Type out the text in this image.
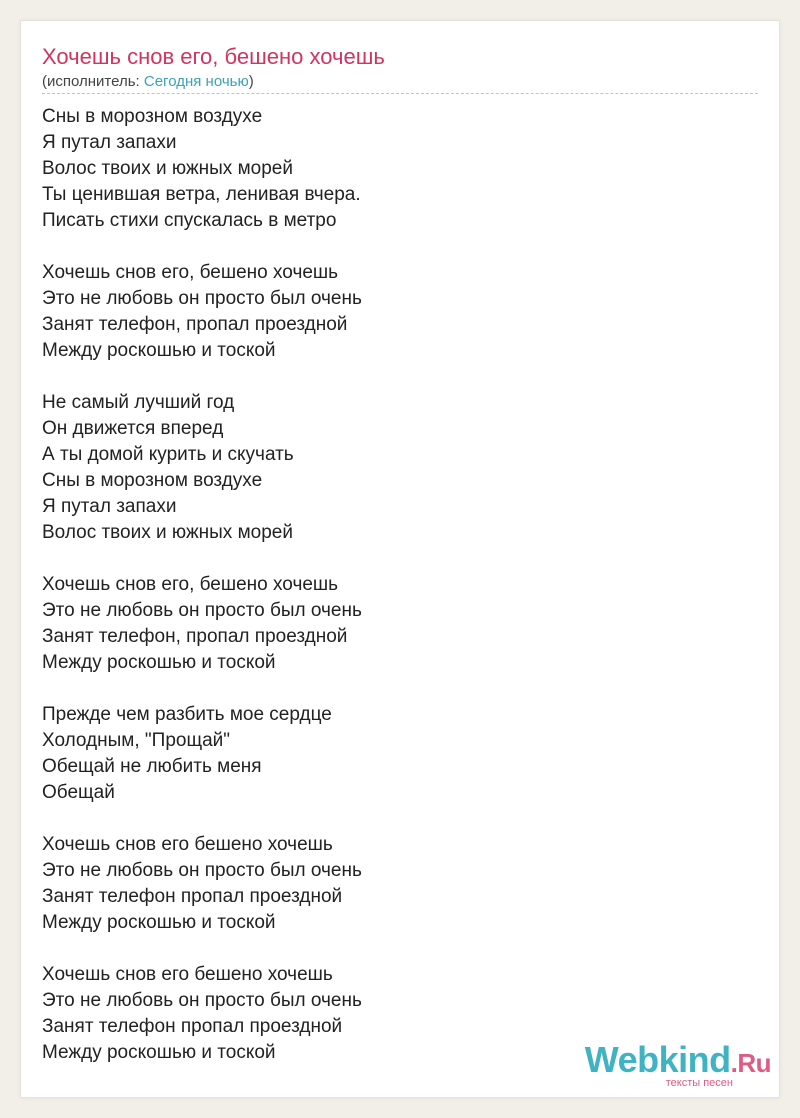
Хочешь снов его, бешено хочешь
(исполнитель: Сегодня ночью)
Сны в морозном воздухе
Я путал запахи
Волос твоих и южных морей
Ты ценившая ветра, ленивая вчера.
Писать стихи спускалась в метро
Хочешь снов его, бешено хочешь
Это не любовь он просто был очень
Занят телефон, пропал проездной
Между роскошью и тоской
Не самый лучший год
Он движется вперед
А ты домой курить и скучать
Сны в морозном воздухе
Я путал запахи
Волос твоих и южных морей
Хочешь снов его, бешено хочешь
Это не любовь он просто был очень
Занят телефон, пропал проездной
Между роскошью и тоской
Прежде чем разбить мое сердце
Холодным, "Прощай"
Обещай не любить меня
Обещай
Хочешь снов его бешено хочешь
Это не любовь он просто был очень
Занят телефон пропал проездной
Между роскошью и тоской
Хочешь снов его бешено хочешь
Это не любовь он просто был очень
Занят телефон пропал проездной
Между роскошью и тоской	Webkind.Ru
тексты песен
